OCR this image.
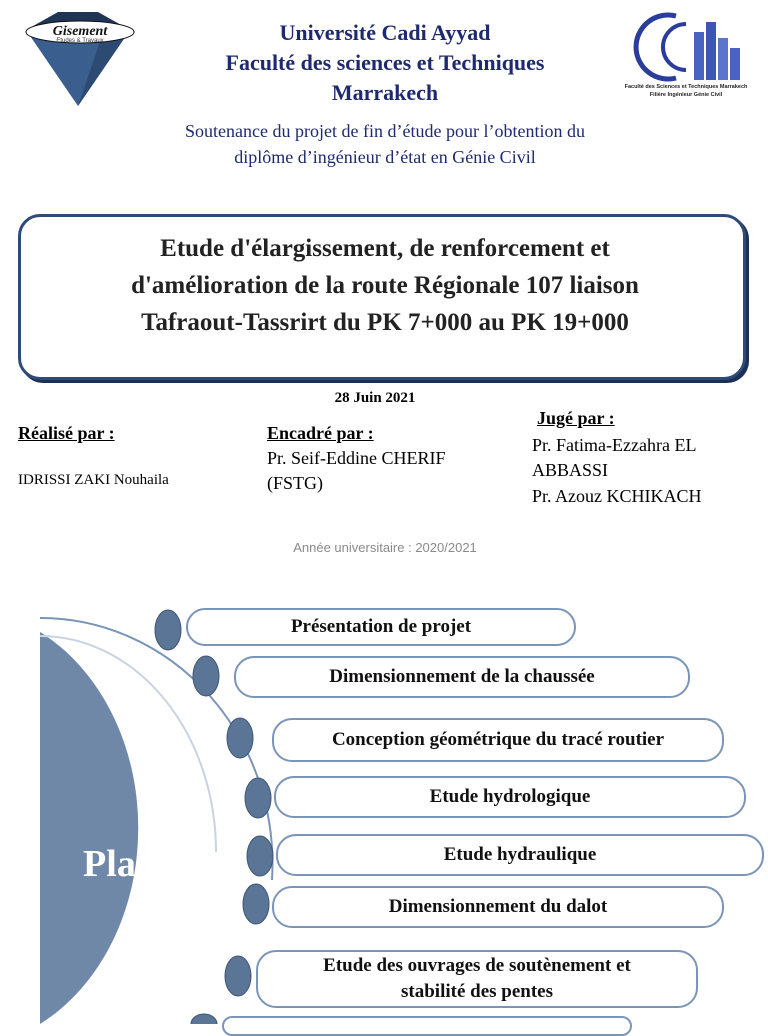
Gisement
Etudes & Travaux
Faculté des Sciences et Techniques Marrakech
Filière Ingénieur Génie Civil
Université Cadi Ayyad
Faculté des sciences et Techniques
Marrakech
Soutenance du projet de fin d’étude pour l’obtention du
diplôme d’ingénieur d’état en Génie Civil
Etude d'élargissement, de renforcement et
d'amélioration de la route Régionale 107 liaison
Tafraout-Tassrirt du PK 7+000 au PK 19+000
28 Juin 2021
Réalisé par :
IDRISSI ZAKI Nouhaila
Encadré par :
Pr. Seif-Eddine CHERIF
(FSTG)
Jugé par :
Pr. Fatima-Ezzahra EL
ABBASSI
Pr. Azouz KCHIKACH
Année universitaire : 2020/2021
Plan
Présentation de projet
Dimensionnement de la chaussée
Conception géométrique du tracé routier
Etude hydrologique
Etude hydraulique
Dimensionnement du dalot
Etude des ouvrages de soutènement et
stabilité des pentes
